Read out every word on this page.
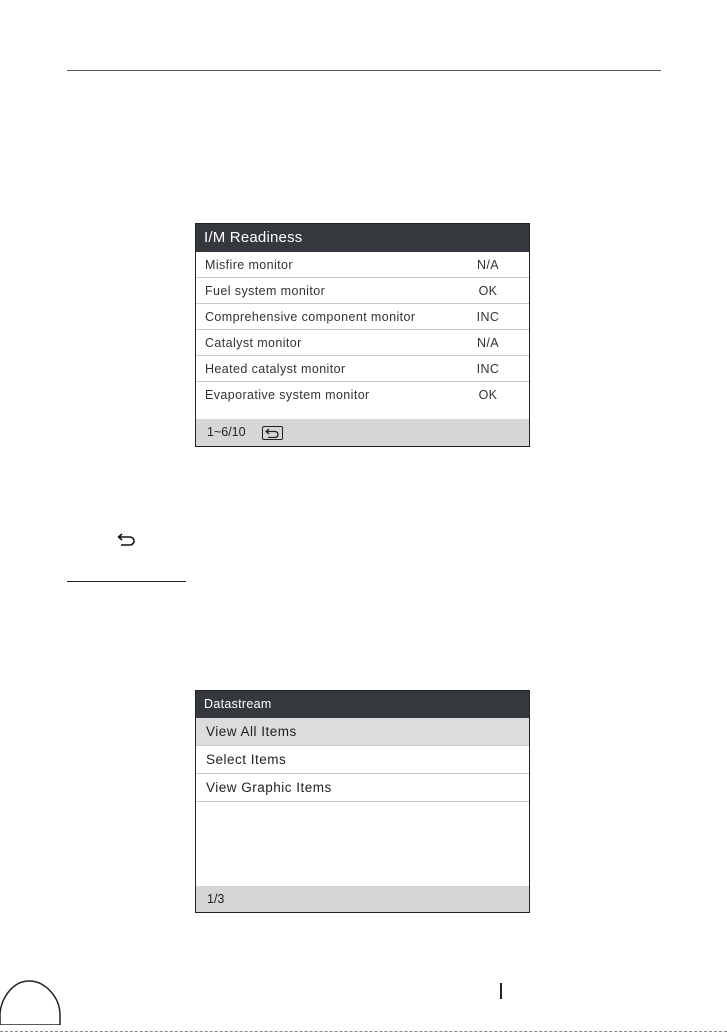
I/M Readiness
Misfire monitor	N/A
Fuel system monitor	OK
Comprehensive component monitor	INC
Catalyst monitor	N/A
Heated catalyst monitor	INC
Evaporative system monitor	OK
1~6/10
Datastream
View All Items
Select Items
View Graphic Items
1/3
